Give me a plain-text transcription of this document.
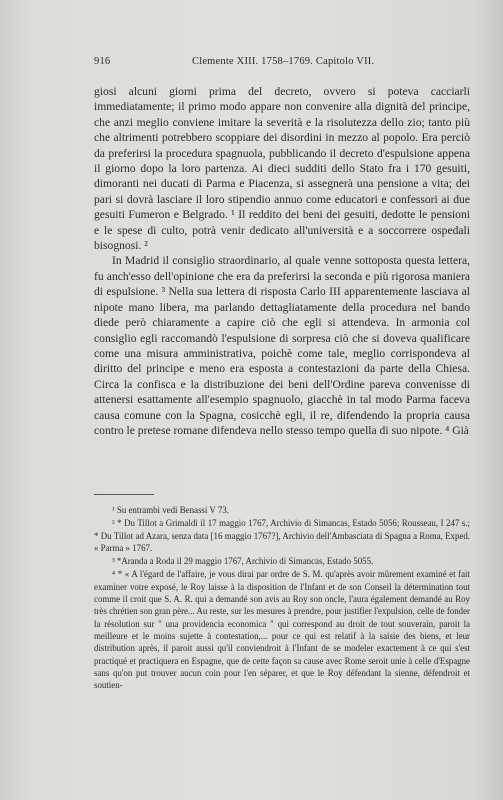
916	Clemente XIII. 1758–1769. Capitolo VII.

giosi alcuni giorni prima del decreto, ovvero si poteva cacciarli immediatamente; il primo modo appare non convenire alla dignità del principe, che anzi meglio conviene imitare la severità e la risolutezza dello zio; tanto più che altrimenti potrebbero scoppiare dei disordini in mezzo al popolo. Era perciò da preferirsi la procedura spagnuola, pubblicando il decreto d'espulsione appena il giorno dopo la loro partenza. Ai dieci sudditi dello Stato fra i 170 gesuiti, dimoranti nei ducati di Parma e Piacenza, si assegnerà una pensione a vita; dei pari si dovrà lasciare il loro stipendio annuo come educatori e confessori ai due gesuiti Fumeron e Belgrado. ¹ Il reddito dei beni dei gesuiti, dedotte le pensioni e le spese di culto, potrà venir dedicato all'università e a soccorrere ospedali bisognosi. ²

In Madrid il consiglio straordinario, al quale venne sottoposta questa lettera, fu anch'esso dell'opinione che era da preferirsi la seconda e più rigorosa maniera di espulsione. ³ Nella sua lettera di risposta Carlo III apparentemente lasciava al nipote mano libera, ma parlando dettagliatamente della procedura nel bando diede però chiaramente a capire ciò che egli si attendeva. In armonia col consiglio egli raccomandò l'espulsione di sorpresa ciò che si doveva qualificare come una misura amministrativa, poichè come tale, meglio corrispondeva al diritto del principe e meno era esposta a contestazioni da parte della Chiesa. Circa la confisca e la distribuzione dei beni dell'Ordine pareva convenisse di attenersi esattamente all'esempio spagnuolo, giacchè in tal modo Parma faceva causa comune con la Spagna, cosicchè egli, il re, difendendo la propria causa contro le pretese romane difendeva nello stesso tempo quella di suo nipote. ⁴ Già

¹ Su entrambi vedi Benassi V 73.

² * Du Tillot a Grimaldi il 17 maggio 1767, Archivio di Simancas, Estado 5056; Rousseau, I 247 s.; * Du Tillot ad Azara, senza data [16 maggio 1767?], Archivio dell'Ambasciata di Spagna a Roma, Exped. « Parma » 1767.

³ *Aranda a Roda il 29 maggio 1767, Archivio di Simancas, Estado 5055.

⁴ * « A l'égard de l'affaire, je vous dirai par ordre de S. M. qu'après avoir mûrement examiné et fait examiner votre exposé, le Roy laisse à la disposition de l'Infant et de son Conseil la détermination tout comme il croit que S. A. R. qui a demandé son avis au Roy son oncle, l'aura également demandé au Roy très chrétien son gran père... Au reste, sur les mesures à prendre, pour justifier l'expulsion, celle de fonder la résolution sur " una providencia economica " qui correspond au droit de tout souverain, paroit la meilleure et le moins sujette à contestation,... pour ce qui est relatif à la saisie des biens, et leur distribution après, il paroit aussi qu'il conviendroit à l'Infant de se modeler exactement à ce qui s'est practiqué et practiquera en Espagne, que de cette façon sa cause avec Rome seroit unie à celle d'Espagne sans qu'on put trouver aucun coin pour l'en séparer, et que le Roy défendant la sienne, défendroit et soutien-
